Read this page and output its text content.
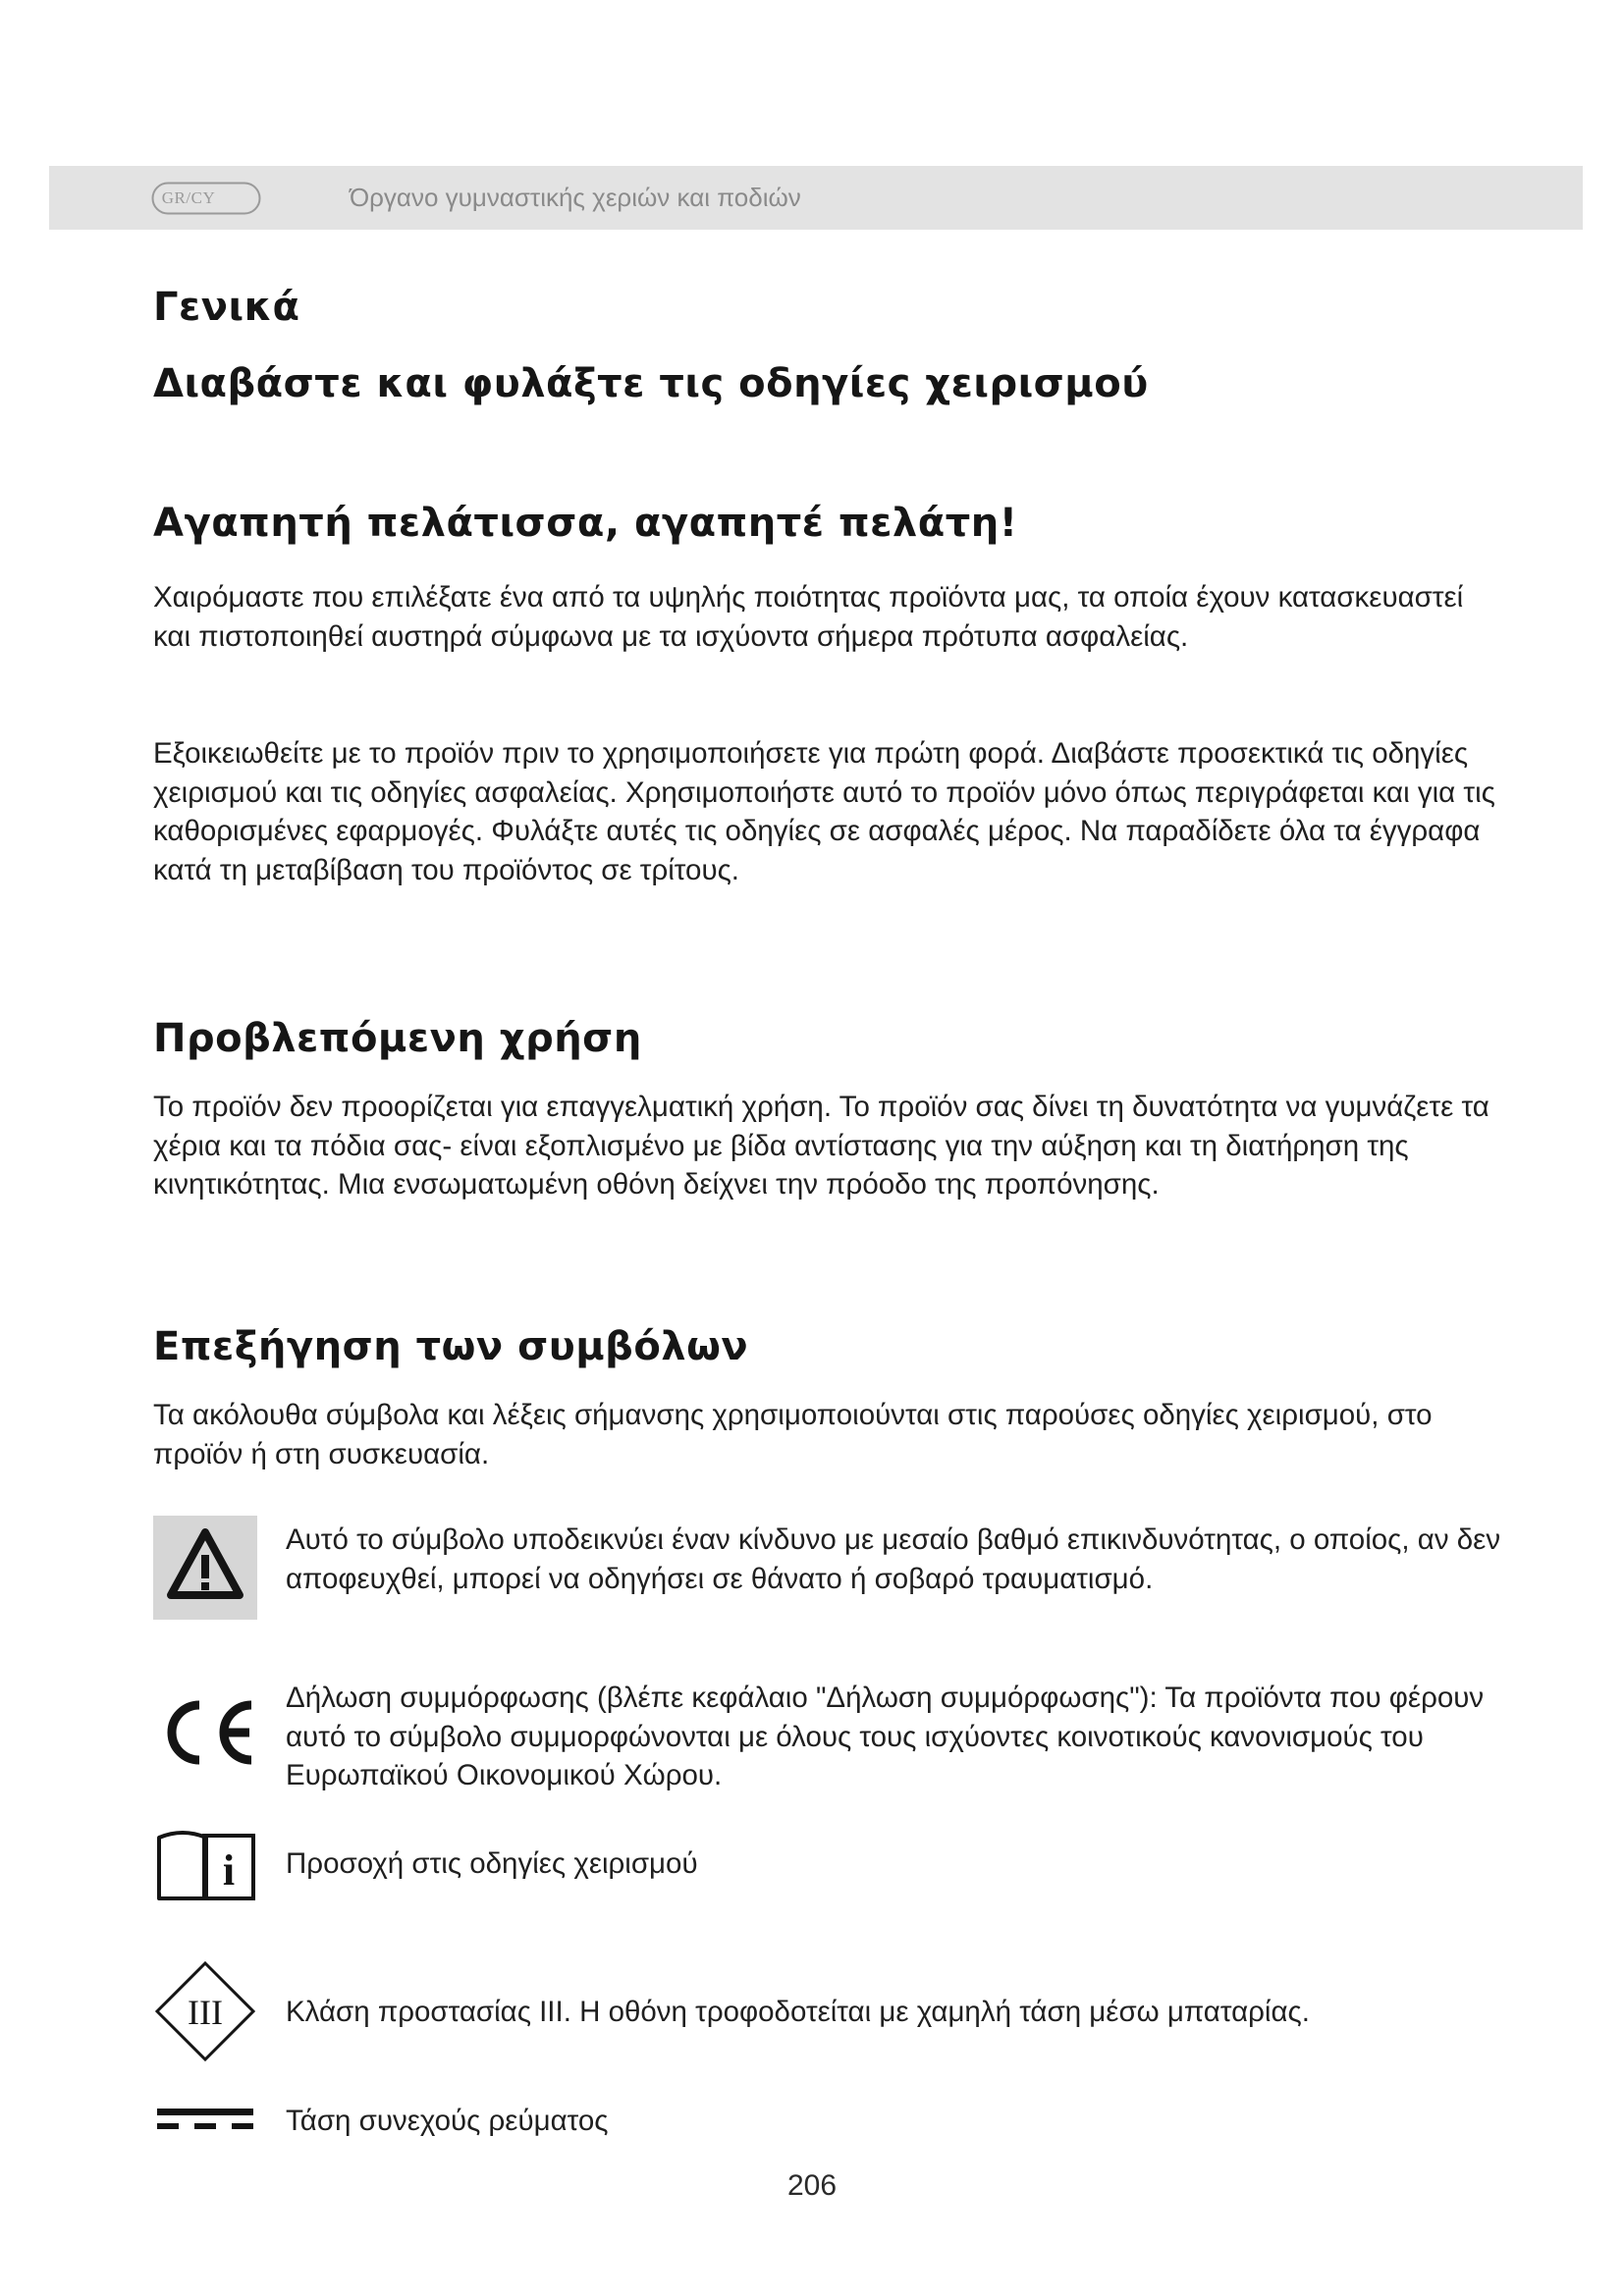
GR/CY	Όργανο γυμναστικής χεριών και ποδιών
Γενικά
Διαβάστε και φυλάξτε τις οδηγίες χειρισμού
Αγαπητή πελάτισσα, αγαπητέ πελάτη!

Χαιρόμαστε που επιλέξατε ένα από τα υψηλής ποιότητας προϊόντα μας, τα οποία έχουν κατασκευαστεί και πιστοποιηθεί αυστηρά σύμφωνα με τα ισχύοντα σήμερα πρότυπα ασφαλείας.

Εξοικειωθείτε με το προϊόν πριν το χρησιμοποιήσετε για πρώτη φορά. Διαβάστε προσεκτικά τις οδηγίες χειρισμού και τις οδηγίες ασφαλείας. Χρησιμοποιήστε αυτό το προϊόν μόνο όπως περιγράφεται και για τις καθορισμένες εφαρμογές. Φυλάξτε αυτές τις οδηγίες σε ασφαλές μέρος. Να παραδίδετε όλα τα έγγραφα κατά τη μεταβίβαση του προϊόντος σε τρίτους.

Προβλεπόμενη χρήση

Το προϊόν δεν προορίζεται για επαγγελματική χρήση. Το προϊόν σας δίνει τη δυνατότητα να γυμνάζετε τα χέρια και τα πόδια σας- είναι εξοπλισμένο με βίδα αντίστασης για την αύξηση και τη διατήρηση της κινητικότητας. Μια ενσωματωμένη οθόνη δείχνει την πρόοδο της προπόνησης.

Επεξήγηση των συμβόλων

Τα ακόλουθα σύμβολα και λέξεις σήμανσης χρησιμοποιούνται στις παρούσες οδηγίες χειρισμού, στο προϊόν ή στη συσκευασία.

Αυτό το σύμβολο υποδεικνύει έναν κίνδυνο με μεσαίο βαθμό επικινδυνότητας, ο οποίος, αν δεν αποφευχθεί, μπορεί να οδηγήσει σε θάνατο ή σοβαρό τραυματισμό.

Δήλωση συμμόρφωσης (βλέπε κεφάλαιο "Δήλωση συμμόρφωσης"): Τα προϊόντα που φέρουν αυτό το σύμβολο συμμορφώνονται με όλους τους ισχύοντες κοινοτικούς κανονισμούς του Ευρωπαϊκού Οικονομικού Χώρου.

i Προσοχή στις οδηγίες χειρισμού

III Κλάση προστασίας III. Η οθόνη τροφοδοτείται με χαμηλή τάση μέσω μπαταρίας.

Τάση συνεχούς ρεύματος

206
